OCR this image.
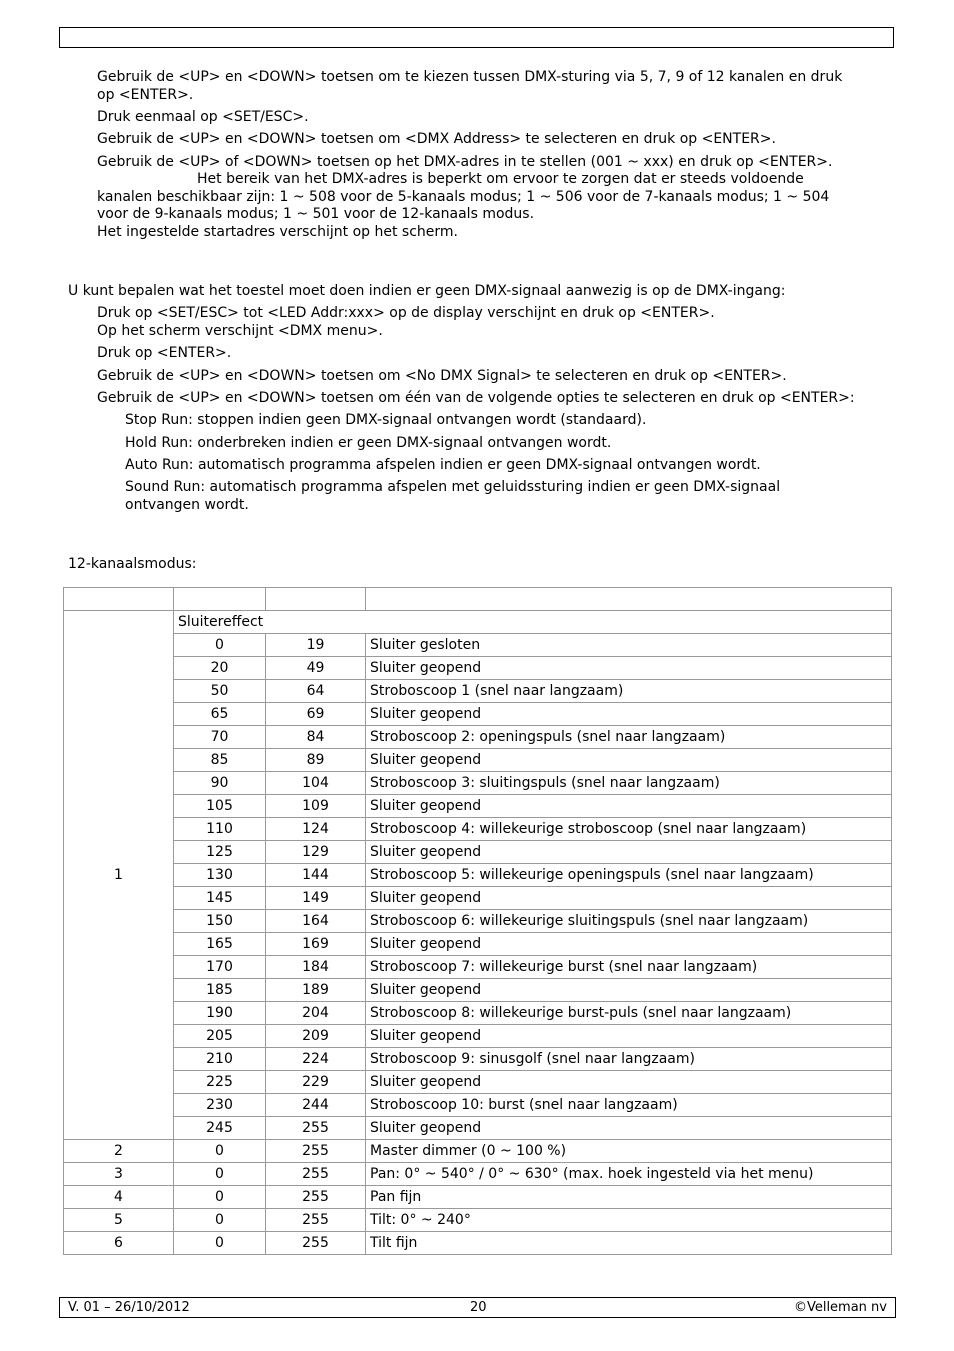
Gebruik de <UP> en <DOWN> toetsen om te kiezen tussen DMX-sturing via 5, 7, 9 of 12 kanalen en druk

op <ENTER>.

Druk eenmaal op <SET/ESC>.

Gebruik de <UP> en <DOWN> toetsen om <DMX Address> te selecteren en druk op <ENTER>.

Gebruik de <UP> of <DOWN> toetsen op het DMX-adres in te stellen (001 ~ xxx) en druk op <ENTER>.

Het bereik van het DMX-adres is beperkt om ervoor te zorgen dat er steeds voldoende

kanalen beschikbaar zijn: 1 ~ 508 voor de 5-kanaals modus; 1 ~ 506 voor de 7-kanaals modus; 1 ~ 504

voor de 9-kanaals modus; 1 ~ 501 voor de 12-kanaals modus.

Het ingestelde startadres verschijnt op het scherm.

U kunt bepalen wat het toestel moet doen indien er geen DMX-signaal aanwezig is op de DMX-ingang:

Druk op <SET/ESC> tot <LED Addr:xxx> op de display verschijnt en druk op <ENTER>.

Op het scherm verschijnt <DMX menu>.

Druk op <ENTER>.

Gebruik de <UP> en <DOWN> toetsen om <No DMX Signal> te selecteren en druk op <ENTER>.

Gebruik de <UP> en <DOWN> toetsen om één van de volgende opties te selecteren en druk op <ENTER>:

Stop Run: stoppen indien geen DMX-signaal ontvangen wordt (standaard).

Hold Run: onderbreken indien er geen DMX-signaal ontvangen wordt.

Auto Run: automatisch programma afspelen indien er geen DMX-signaal ontvangen wordt.

Sound Run: automatisch programma afspelen met geluidssturing indien er geen DMX-signaal

ontvangen wordt.

12-kanaalsmodus:

1	Sluitereffect		
	0	19	Sluiter gesloten
	20	49	Sluiter geopend
	50	64	Stroboscoop 1 (snel naar langzaam)
	65	69	Sluiter geopend
	70	84	Stroboscoop 2: openingspuls (snel naar langzaam)
	85	89	Sluiter geopend
	90	104	Stroboscoop 3: sluitingspuls (snel naar langzaam)
	105	109	Sluiter geopend
	110	124	Stroboscoop 4: willekeurige stroboscoop (snel naar langzaam)
	125	129	Sluiter geopend
	130	144	Stroboscoop 5: willekeurige openingspuls (snel naar langzaam)
	145	149	Sluiter geopend
	150	164	Stroboscoop 6: willekeurige sluitingspuls (snel naar langzaam)
	165	169	Sluiter geopend
	170	184	Stroboscoop 7: willekeurige burst (snel naar langzaam)
	185	189	Sluiter geopend
	190	204	Stroboscoop 8: willekeurige burst-puls (snel naar langzaam)
	205	209	Sluiter geopend
	210	224	Stroboscoop 9: sinusgolf (snel naar langzaam)
	225	229	Sluiter geopend
	230	244	Stroboscoop 10: burst (snel naar langzaam)
	245	255	Sluiter geopend
2	0	255	Master dimmer (0 ~ 100 %)
3	0	255	Pan: 0° ~ 540° / 0° ~ 630° (max. hoek ingesteld via het menu)
4	0	255	Pan fijn
5	0	255	Tilt: 0° ~ 240°
6	0	255	Tilt fijn
V. 01 – 26/10/2012	20	©Velleman nv
